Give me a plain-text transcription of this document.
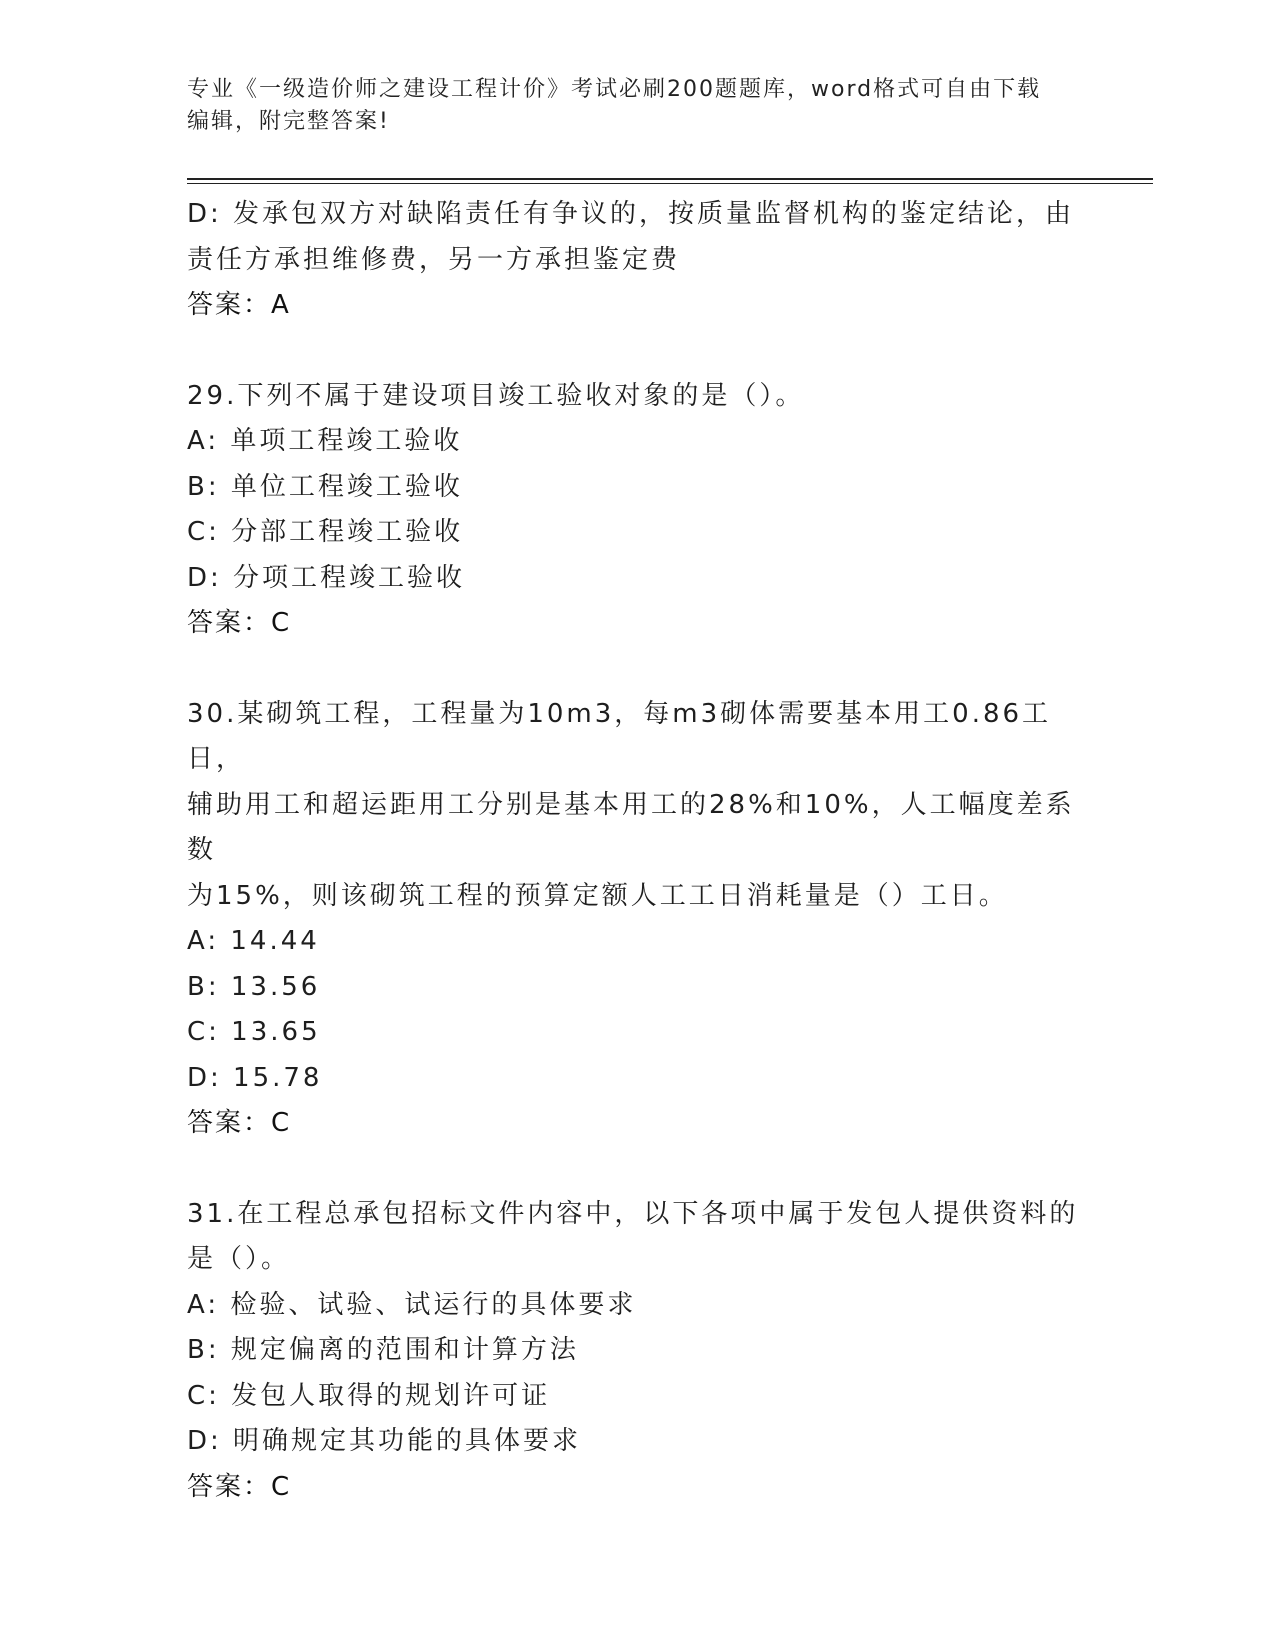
专业《一级造价师之建设工程计价》考试必刷200题题库，word格式可自由下载
编辑，附完整答案!
D: 发承包双方对缺陷责任有争议的，按质量监督机构的鉴定结论，由
责任方承担维修费，另一方承担鉴定费
答案：A
29.下列不属于建设项目竣工验收对象的是（）。
A: 单项工程竣工验收
B: 单位工程竣工验收
C: 分部工程竣工验收
D: 分项工程竣工验收
答案：C
30.某砌筑工程，工程量为10m3，每m3砌体需要基本用工0.86工日，
辅助用工和超运距用工分别是基本用工的28%和10%，人工幅度差系数
为15%，则该砌筑工程的预算定额人工工日消耗量是（）工日。
A: 14.44
B: 13.56
C: 13.65
D: 15.78
答案：C
31.在工程总承包招标文件内容中，以下各项中属于发包人提供资料的
是（）。
A: 检验、试验、试运行的具体要求
B: 规定偏离的范围和计算方法
C: 发包人取得的规划许可证
D: 明确规定其功能的具体要求
答案：C
